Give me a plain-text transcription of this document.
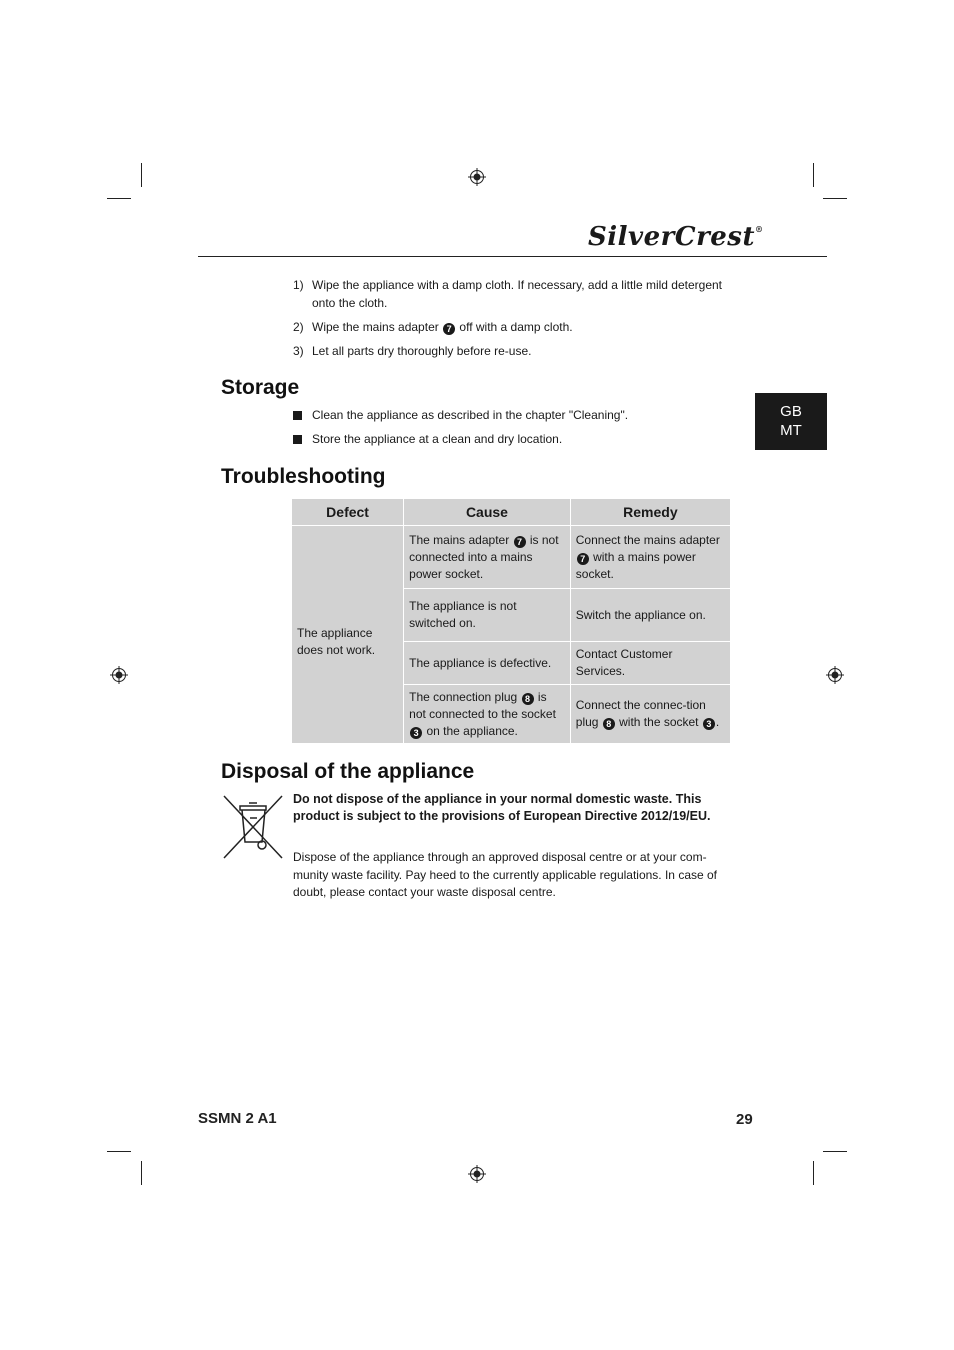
SilverCrest®
GB
MT
1) Wipe the appliance with a damp cloth. If necessary, add a little mild detergent onto the cloth.
2) Wipe the mains adapter 7 off with a damp cloth.
3) Let all parts dry thoroughly before re-use.
Storage
Clean the appliance as described in the chapter "Cleaning".
Store the appliance at a clean and dry location.
Troubleshooting
Defect	Cause	Remedy
The appliance does not work.	The mains adapter 7 is not connected into a mains power socket.	Connect the mains adapter 7 with a mains power socket.
	The appliance is not switched on.	Switch the appliance on.
	The appliance is defective.	Contact Customer Services.
	The connection plug 8 is not connected to the socket 3 on the appliance.	Connect the connec-tion plug 8 with the socket 3 .
Disposal of the appliance
Do not dispose of the appliance in your normal domestic waste. This product is subject to the provisions of European Directive 2012/19/EU.
Dispose of the appliance through an approved disposal centre or at your com-munity waste facility. Pay heed to the currently applicable regulations. In case of doubt, please contact your waste disposal centre.
SSMN 2 A1	29
